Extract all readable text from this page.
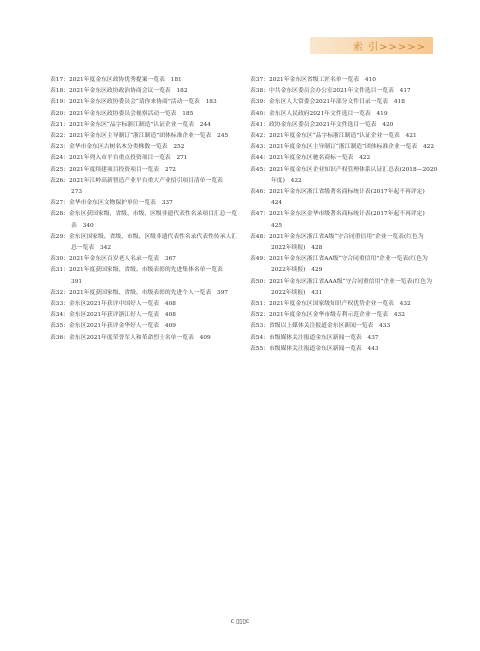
索 引>>>>>
表17：2021年度金东区政协优秀提案一览表　181
表18：2021年金东区政协政治协商会议一览表　182
表19：2021年金东区政协委员会“请你来协商”活动一览表　183
表20：2021年金东区政协委员会视察活动一览表　185
表21：2021年金东区“品字标浙江制造”认证企业一览表　244
表22：2021年金东区主导制订“浙江制造”团体标准企业一览表　245
表23：金华市金东区古树名木分类株数一览表　252
表24：2021年列入市平台重点投资项目一览表　271
表25：2021年度续建项目投资项目一览表　272
表26：2021年江岭高新智造产业平台重大产业招引项目清单一览表　273
表27：金华市金东区文物保护单位一览表　337
表28：金东区获国家级、省级、市级、区级非遗代表性名录项目汇总一览表　340
表29：金东区国家级、省级、市级、区级非遗代表性名录代表性传承人汇总一览表　342
表30：2021年金东区百岁老人名录一览表　367
表31：2021年度获国家级、省级、市级表彰的先进集体名单一览表　391
表32：2021年度获国家级、省级、市级表彰的先进个人一览表　397
表33：金东区2021年获评中国好人一览表　408
表34：金东区2021年获评浙江好人一览表　408
表35：金东区2021年获评金华好人一览表　409
表36：金东区2021年度荣誉军人和革命烈士名单一览表　409
表37：2021年金东区省级工匠名单一览表　410
表38：中共金东区委员会办公室2021年文件选目一览表　417
表39：金东区人大常委会2021年部分文件目录一览表　418
表40：金东区人民政府2021年文件选目一览表　419
表41：政协金东区委员会2021年文件选目一览表　420
表42：2021年度金东区“品字标浙江制造”认证企业一览表　421
表43：2021年度金东区主导制订“浙江制造”团体标准企业一览表　422
表44：2021年度金东区驰名商标一览表　422
表45：2021年度金东区企业知识产权管理体系认证汇总表(2018—2020年度)　422
表46：2021年金东区浙江省级著名商标统计表(2017年起不再评定)　424
表47：2021年金东区金华市级著名商标统计表(2017年起不再评定)　425
表48：2021年金东区浙江省A级“守合同重信用”企业一览表(红色为2022年续报)　428
表49：2021年金东区浙江省AA级“守合同重信用”企业一览表(红色为2022年续报)　429
表50：2021年金东区浙江省AAA级“守合同重信用”企业一览表(红色为2022年续报)　431
表51：2021年度金东区国家级知识产权优势企业一览表　432
表52：2021年度金东区金华市级专利示范企业一览表　432
表53：省级以上媒体关注报道金东区新闻一览表　433
表54：市级媒体关注报道金东区新闻一览表　437
表55：市级媒体关注报道金东区新闻一览表　443
c ▯▯▯c
